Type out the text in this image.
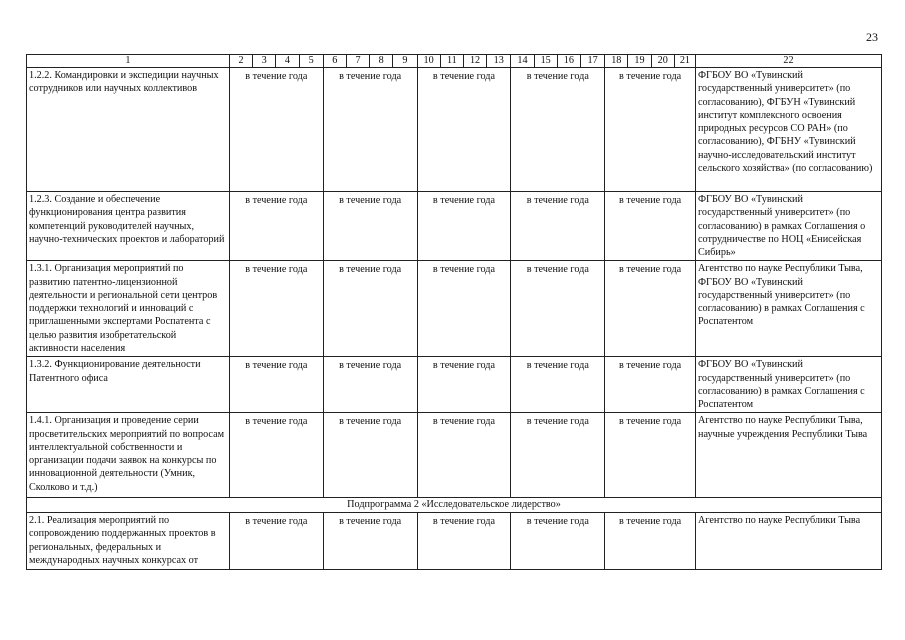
23
1	2	3	4	5	6	7	8	9	10	11	12	13	14	15	16	17	18	19	20	21	22
1.2.2. Командировки и экспедиции научных сотрудников или научных коллективов	в течение года				в течение года				в течение года				в течение года				в течение года				ФГБОУ ВО «Тувинский государственный университет» (по согласованию), ФГБУН «Тувинский институт комплексного освоения природных ресурсов СО РАН» (по согласованию), ФГБНУ «Тувинский научно-исследовательский институт сельского хозяйства» (по согласованию)
1.2.3. Создание и обеспечение функционирования центра развития компетенций руководителей научных, научно-технических проектов и лабораторий	в течение года				в течение года				в течение года				в течение года				в течение года				ФГБОУ ВО «Тувинский государственный университет» (по согласованию) в рамках Соглашения о сотрудничестве по НОЦ «Енисейская Сибирь»
1.3.1. Организация мероприятий по развитию патентно-лицензионной деятельности и региональной сети центров поддержки технологий и инноваций с приглашенными экспертами Роспатента с целью развития изобретательской активности населения	в течение года				в течение года				в течение года				в течение года				в течение года				Агентство по науке Республики Тыва, ФГБОУ ВО «Тувинский государственный университет» (по согласованию) в рамках Соглашения с Роспатентом
1.3.2. Функционирование деятельности Патентного офиса	в течение года				в течение года				в течение года				в течение года				в течение года				ФГБОУ ВО «Тувинский государственный университет» (по согласованию) в рамках Соглашения с Роспатентом
1.4.1. Организация и проведение серии просветительских мероприятий по вопросам интеллектуальной собственности и организации подачи заявок на конкурсы по инновационной деятельности (Умник, Сколково и т.д.)	в течение года				в течение года				в течение года				в течение года				в течение года				Агентство по науке Республики Тыва, научные учреждения Республики Тыва
Подпрограмма 2 «Исследовательское лидерство»																					
2.1. Реализация мероприятий по сопровождению поддержанных проектов в региональных, федеральных и международных научных конкурсах от	в течение года				в течение года				в течение года				в течение года				в течение года				Агентство по науке Республики Тыва
